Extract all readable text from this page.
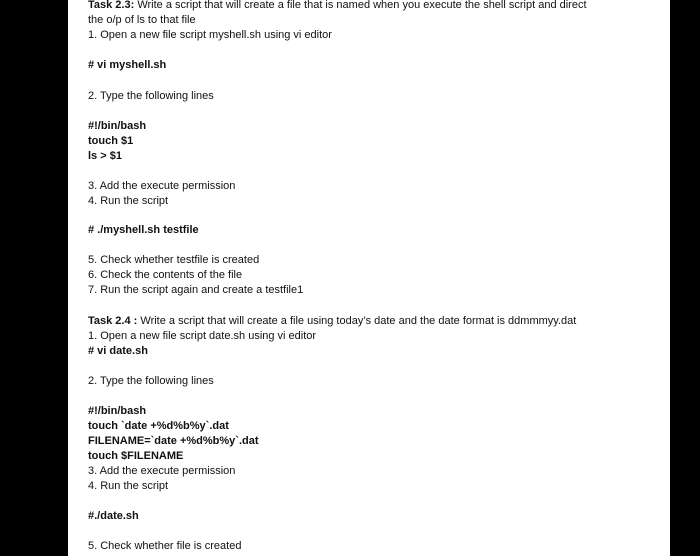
Task 2.3: Write a script that will create a file that is named when you execute the shell script and direct
the o/p of ls to that file
1. Open a new file script myshell.sh using vi editor
# vi myshell.sh
2. Type the following lines
#!/bin/bash
touch $1
ls > $1
3. Add the execute permission
4. Run the script
# ./myshell.sh testfile
5. Check whether testfile is created
6. Check the contents of the file
7. Run the script again and create a testfile1
Task 2.4 : Write a script that will create a file using today’s date and the date format is ddmmmyy.dat
1. Open a new file script date.sh using vi editor
# vi date.sh
2. Type the following lines
#!/bin/bash
touch `date +%d%b%y`.dat
FILENAME=`date +%d%b%y`.dat
touch $FILENAME
3. Add the execute permission
4. Run the script
#./date.sh
5. Check whether file is created
